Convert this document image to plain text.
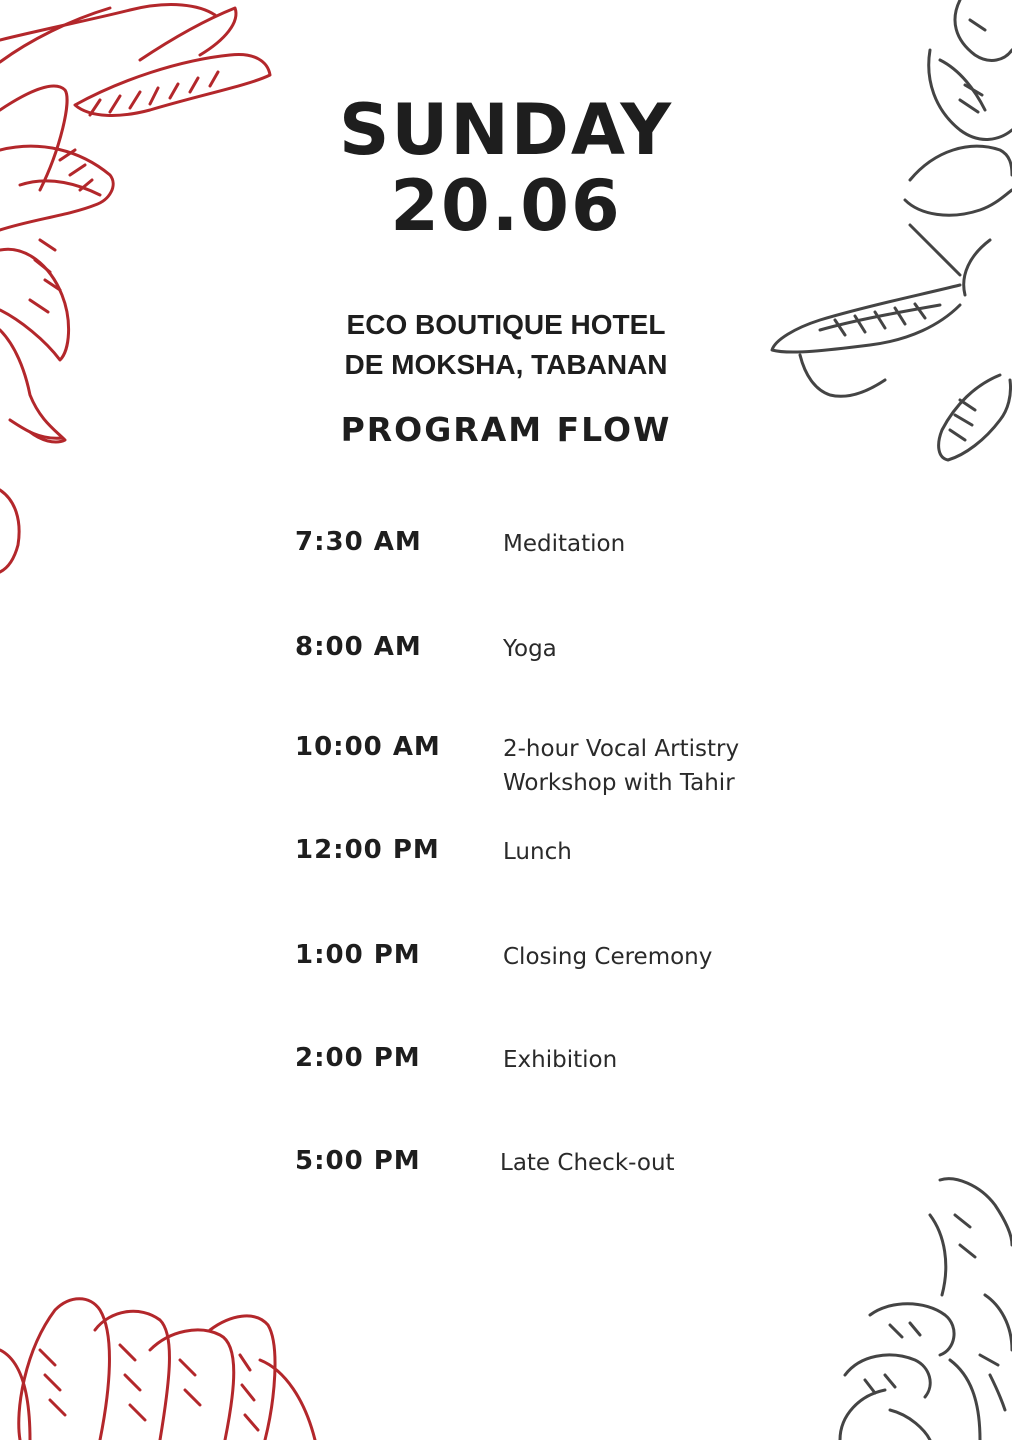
SUNDAY
20.06
ECO BOUTIQUE HOTEL
DE MOKSHA, TABANAN
PROGRAM FLOW
7:30 AM	Meditation
8:00 AM	Yoga
10:00 AM	2-hour Vocal Artistry
Workshop with Tahir
12:00 PM	Lunch
1:00 PM	Closing Ceremony
2:00 PM	Exhibition
5:00 PM	Late Check-out
